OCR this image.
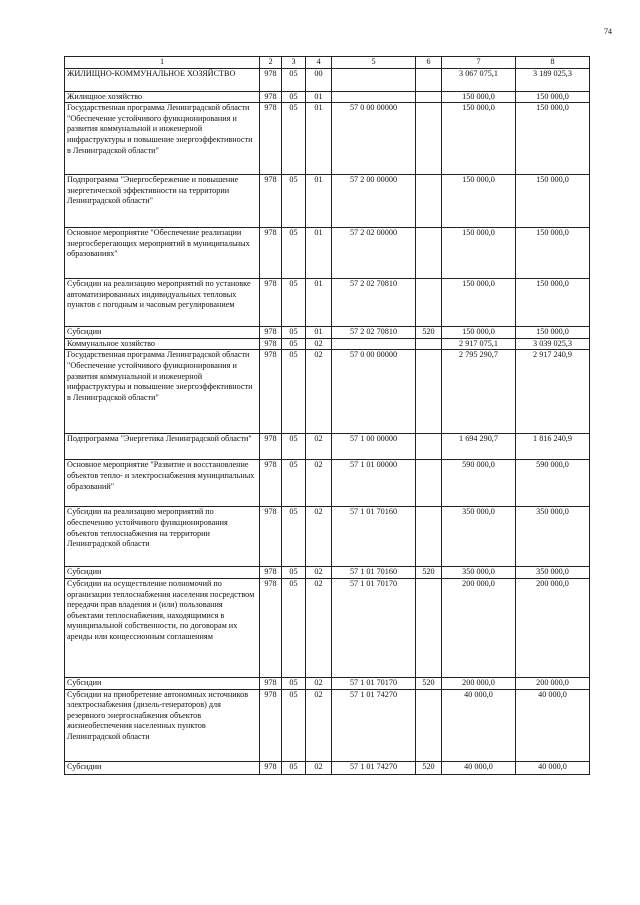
74
1	2	3	4	5	6	7	8
ЖИЛИЩНО-КОММУНАЛЬНОЕ ХОЗЯЙСТВО	978	05	00			3 067 075,1	3 189 025,3
Жилищное хозяйство	978	05	01			150 000,0	150 000,0
Государственная программа Ленинградской области "Обеспечение устойчивого функционирования и развития коммунальной и инженерной инфраструктуры и повышение энергоэффективности в Ленинградской области"	978	05	01	57 0 00 00000		150 000,0	150 000,0
Подпрограмма "Энергосбережение и повышение энергетической эффективности на территории Ленинградской области"	978	05	01	57 2 00 00000		150 000,0	150 000,0
Основное мероприятие "Обеспечение реализации энергосберегающих мероприятий в муниципальных образованиях"	978	05	01	57 2 02 00000		150 000,0	150 000,0
Субсидии на реализацию мероприятий по установке автоматизированных индивидуальных тепловых пунктов с погодным и часовым регулированием	978	05	01	57 2 02 70810		150 000,0	150 000,0
Субсидии	978	05	01	57 2 02 70810	520	150 000,0	150 000,0
Коммунальное хозяйство	978	05	02			2 917 075,1	3 039 025,3
Государственная программа Ленинградской области "Обеспечение устойчивого функционирования и развития коммунальной и инженерной инфраструктуры и повышение энергоэффективности в Ленинградской области"	978	05	02	57 0 00 00000		2 795 290,7	2 917 240,9
Подпрограмма "Энергетика Ленинградской области"	978	05	02	57 1 00 00000		1 694 290,7	1 816 240,9
Основное мероприятие "Развитие и восстановление объектов тепло- и электроснабжения муниципальных образований"	978	05	02	57 1 01 00000		590 000,0	590 000,0
Субсидии на реализацию мероприятий по обеспечению устойчивого функционирования объектов теплоснабжения на территории Ленинградской области	978	05	02	57 1 01 70160		350 000,0	350 000,0
Субсидии	978	05	02	57 1 01 70160	520	350 000,0	350 000,0
Субсидии на осуществление полномочий по организации теплоснабжения населения посредством передачи прав владения и (или) пользования объектами теплоснабжения, находящимися в муниципальной собственности, по договорам их аренды или концессионным соглашениям	978	05	02	57 1 01 70170		200 000,0	200 000,0
Субсидии	978	05	02	57 1 01 70170	520	200 000,0	200 000,0
Субсидии на приобретение автономных источников электроснабжения (дизель-генераторов) для резервного энергоснабжения объектов жизнеобеспечения населенных пунктов Ленинградской области	978	05	02	57 1 01 74270		40 000,0	40 000,0
Субсидии	978	05	02	57 1 01 74270	520	40 000,0	40 000,0
